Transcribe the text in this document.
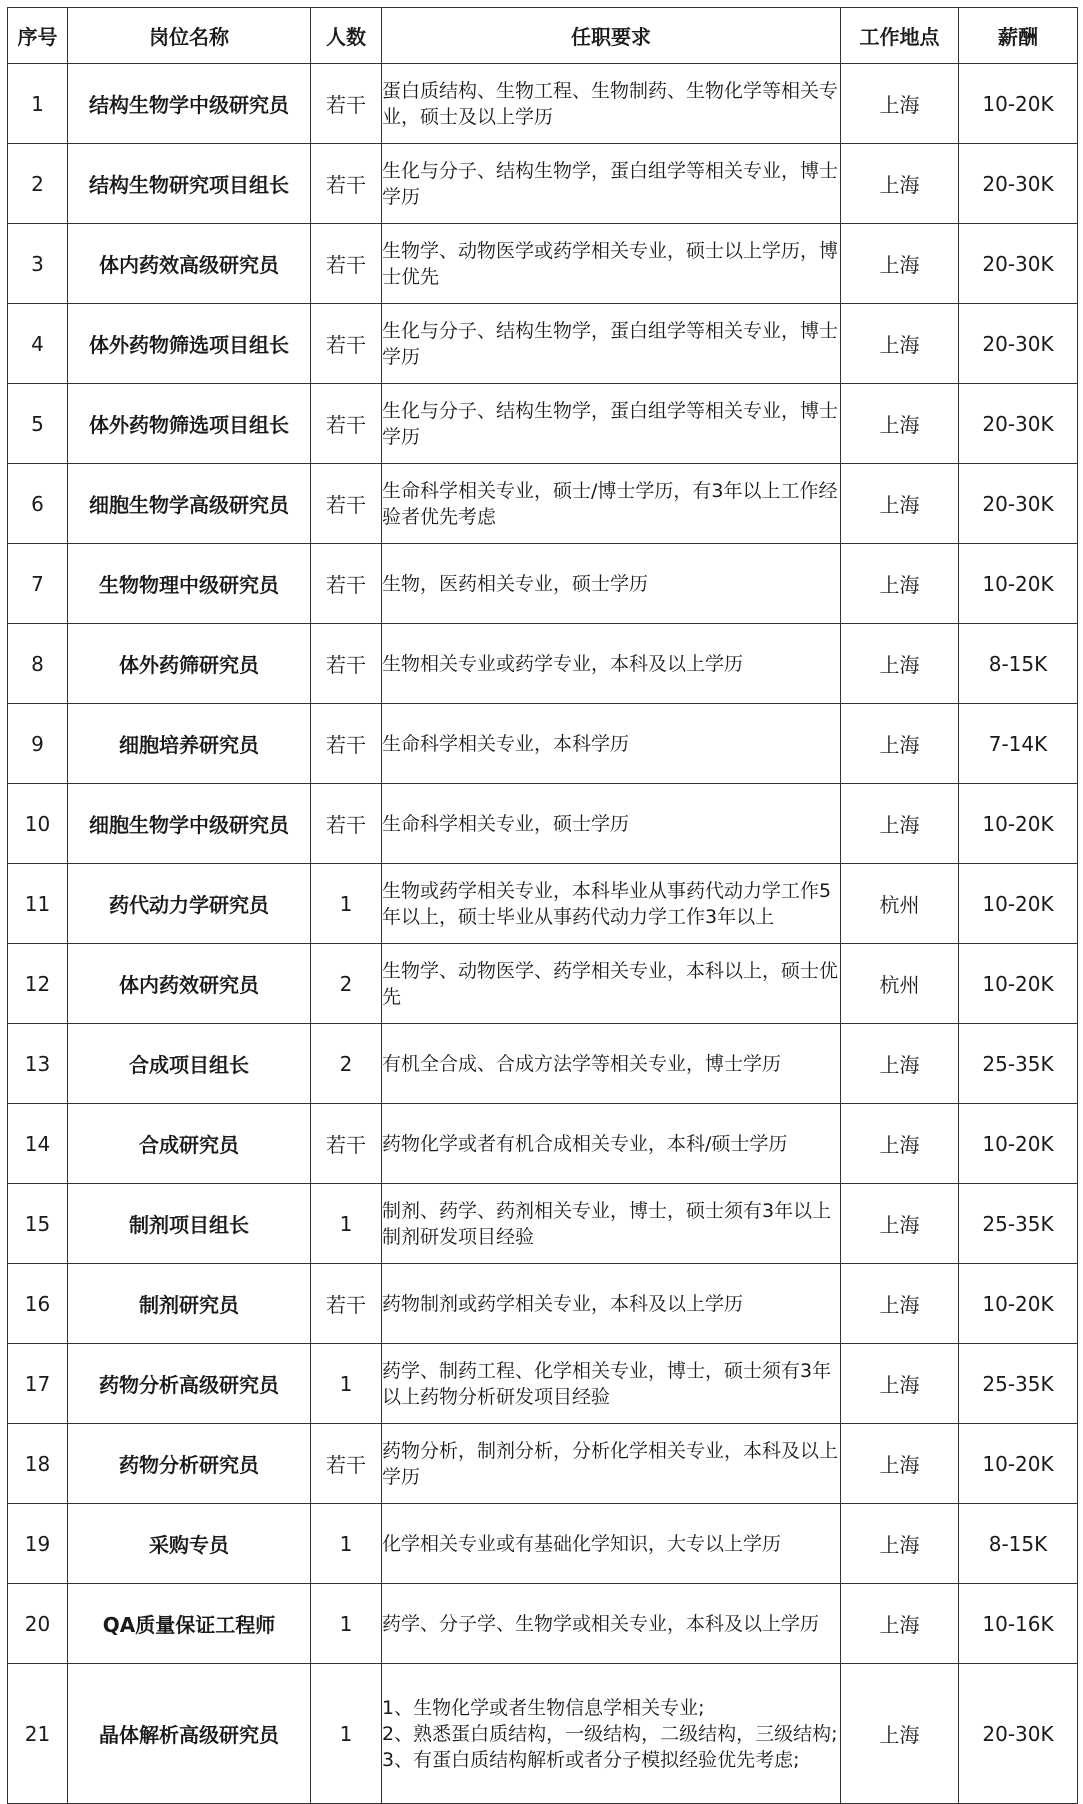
序号	岗位名称	人数	任职要求	工作地点	薪酬
1	结构生物学中级研究员	若干	蛋白质结构、生物工程、生物制药、生物化学等相关专业，硕士及以上学历	上海	10-20K
2	结构生物研究项目组长	若干	生化与分子、结构生物学，蛋白组学等相关专业，博士学历	上海	20-30K
3	体内药效高级研究员	若干	生物学、动物医学或药学相关专业，硕士以上学历，博士优先	上海	20-30K
4	体外药物筛选项目组长	若干	生化与分子、结构生物学，蛋白组学等相关专业，博士学历	上海	20-30K
5	体外药物筛选项目组长	若干	生化与分子、结构生物学，蛋白组学等相关专业，博士学历	上海	20-30K
6	细胞生物学高级研究员	若干	生命科学相关专业，硕士/博士学历，有3年以上工作经验者优先考虑	上海	20-30K
7	生物物理中级研究员	若干	生物，医药相关专业，硕士学历	上海	10-20K
8	体外药筛研究员	若干	生物相关专业或药学专业，本科及以上学历	上海	8-15K
9	细胞培养研究员	若干	生命科学相关专业，本科学历	上海	7-14K
10	细胞生物学中级研究员	若干	生命科学相关专业，硕士学历	上海	10-20K
11	药代动力学研究员	1	生物或药学相关专业，本科毕业从事药代动力学工作5年以上，硕士毕业从事药代动力学工作3年以上	杭州	10-20K
12	体内药效研究员	2	生物学、动物医学、药学相关专业，本科以上，硕士优先	杭州	10-20K
13	合成项目组长	2	有机全合成、合成方法学等相关专业，博士学历	上海	25-35K
14	合成研究员	若干	药物化学或者有机合成相关专业，本科/硕士学历	上海	10-20K
15	制剂项目组长	1	制剂、药学、药剂相关专业，博士，硕士须有3年以上制剂研发项目经验	上海	25-35K
16	制剂研究员	若干	药物制剂或药学相关专业，本科及以上学历	上海	10-20K
17	药物分析高级研究员	1	药学、制药工程、化学相关专业，博士，硕士须有3年以上药物分析研发项目经验	上海	25-35K
18	药物分析研究员	若干	药物分析，制剂分析，分析化学相关专业，本科及以上学历	上海	10-20K
19	采购专员	1	化学相关专业或有基础化学知识，大专以上学历	上海	8-15K
20	QA质量保证工程师	1	药学、分子学、生物学或相关专业，本科及以上学历	上海	10-16K
21	晶体解析高级研究员	1	1、生物化学或者生物信息学相关专业;
2、熟悉蛋白质结构，一级结构，二级结构，三级结构;
3、有蛋白质结构解析或者分子模拟经验优先考虑;	上海	20-30K
